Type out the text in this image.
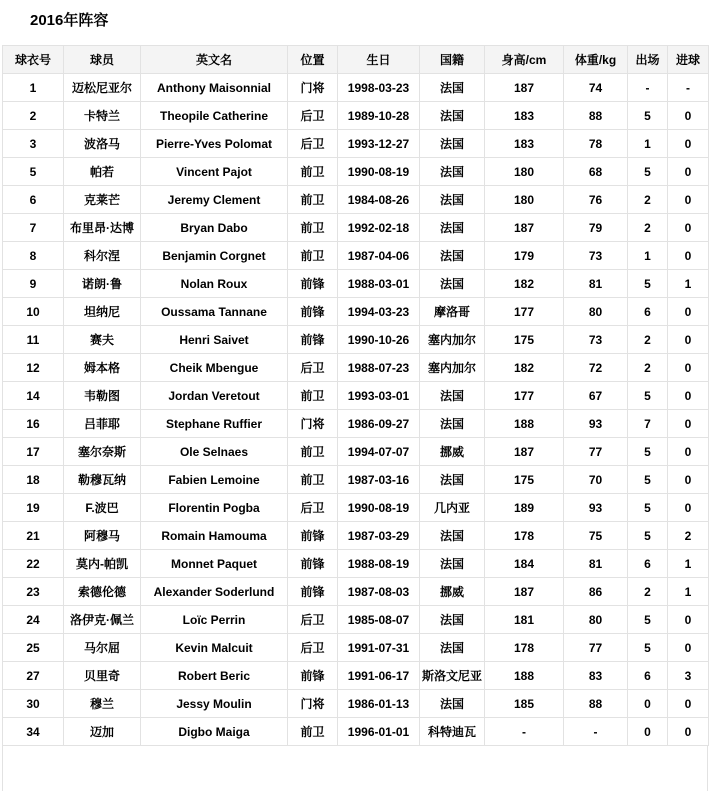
2016年阵容
球衣号	球员	英文名	位置	生日	国籍	身高/cm	体重/kg	出场	进球
1	迈松尼亚尔	Anthony Maisonnial	门将	1998-03-23	法国	187	74	-	-
2	卡特兰	Theopile Catherine	后卫	1989-10-28	法国	183	88	5	0
3	波洛马	Pierre-Yves Polomat	后卫	1993-12-27	法国	183	78	1	0
5	帕若	Vincent Pajot	前卫	1990-08-19	法国	180	68	5	0
6	克莱芒	Jeremy Clement	前卫	1984-08-26	法国	180	76	2	0
7	布里昂·达博	Bryan Dabo	前卫	1992-02-18	法国	187	79	2	0
8	科尔涅	Benjamin Corgnet	前卫	1987-04-06	法国	179	73	1	0
9	诺朗·鲁	Nolan Roux	前锋	1988-03-01	法国	182	81	5	1
10	坦纳尼	Oussama Tannane	前锋	1994-03-23	摩洛哥	177	80	6	0
11	赛夫	Henri Saivet	前锋	1990-10-26	塞内加尔	175	73	2	0
12	姆本格	Cheik Mbengue	后卫	1988-07-23	塞内加尔	182	72	2	0
14	韦勒图	Jordan Veretout	前卫	1993-03-01	法国	177	67	5	0
16	吕菲耶	Stephane Ruffier	门将	1986-09-27	法国	188	93	7	0
17	塞尔奈斯	Ole Selnaes	前卫	1994-07-07	挪威	187	77	5	0
18	勒穆瓦纳	Fabien Lemoine	前卫	1987-03-16	法国	175	70	5	0
19	F.波巴	Florentin Pogba	后卫	1990-08-19	几内亚	189	93	5	0
21	阿穆马	Romain Hamouma	前锋	1987-03-29	法国	178	75	5	2
22	莫内-帕凯	Monnet Paquet	前锋	1988-08-19	法国	184	81	6	1
23	索德伦德	Alexander Soderlund	前锋	1987-08-03	挪威	187	86	2	1
24	洛伊克·佩兰	Loïc Perrin	后卫	1985-08-07	法国	181	80	5	0
25	马尔屈	Kevin Malcuit	后卫	1991-07-31	法国	178	77	5	0
27	贝里奇	Robert Beric	前锋	1991-06-17	斯洛文尼亚	188	83	6	3
30	穆兰	Jessy Moulin	门将	1986-01-13	法国	185	88	0	0
34	迈加	Digbo Maiga	前卫	1996-01-01	科特迪瓦	-	-	0	0
